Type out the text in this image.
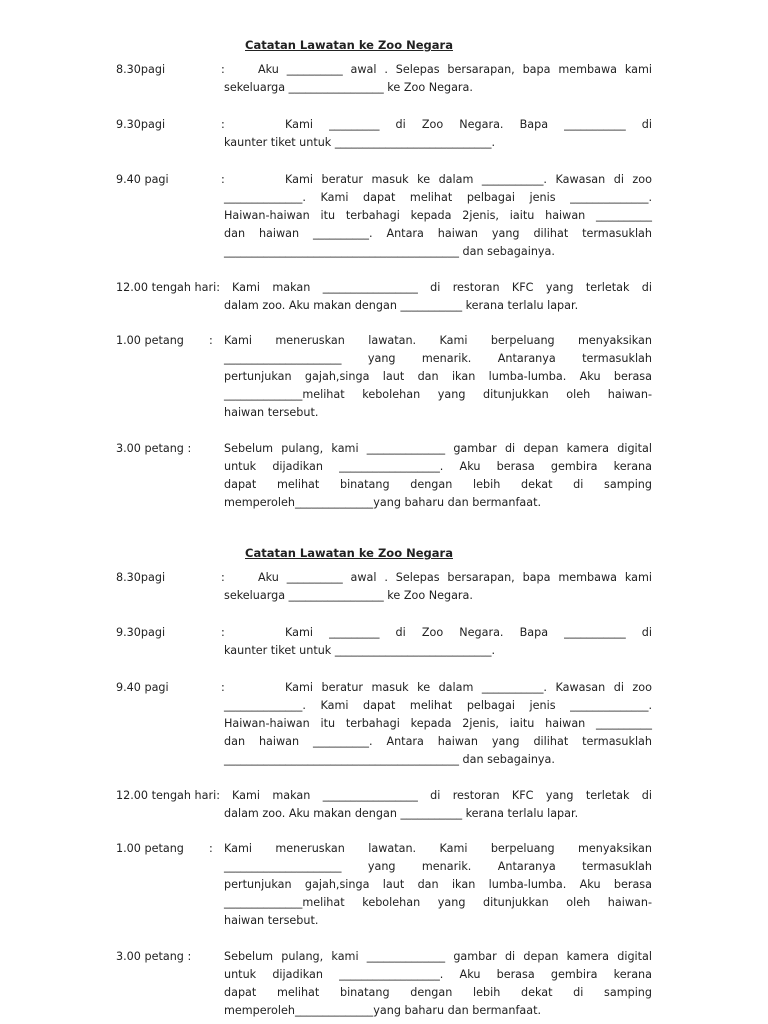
Catatan Lawatan ke Zoo Negara
8.30pagi	:	Aku __________ awal . Selepas bersarapan, bapa membawa kami
sekeluarga _________________ ke Zoo Negara.
9.30pagi	:	Kami _________ di Zoo Negara. Bapa ___________ di
kaunter tiket untuk ____________________________.
9.40 pagi	:	Kami beratur masuk ke dalam ___________. Kawasan di zoo
______________. Kami dapat melihat pelbagai jenis ______________.
Haiwan-haiwan itu terbahagi kepada 2jenis, iaitu haiwan __________
dan haiwan __________. Antara haiwan yang dilihat termasuklah
__________________________________________ dan sebagainya.
12.00 tengah hari: Kami makan _________________ di restoran KFC yang terletak di
dalam zoo. Aku makan dengan ___________ kerana terlalu lapar.
1.00 petang : Kami meneruskan lawatan. Kami berpeluang menyaksikan
_____________________ yang menarik. Antaranya termasuklah
pertunjukan gajah,singa laut dan ikan lumba-lumba. Aku berasa
______________melihat kebolehan yang ditunjukkan oleh haiwan-
haiwan tersebut.
3.00 petang :	Sebelum pulang, kami ______________ gambar di depan kamera digital
untuk dijadikan __________________. Aku berasa gembira kerana
dapat melihat binatang dengan lebih dekat di samping
memperoleh______________yang baharu dan bermanfaat.
Catatan Lawatan ke Zoo Negara
8.30pagi	:	Aku __________ awal . Selepas bersarapan, bapa membawa kami
sekeluarga _________________ ke Zoo Negara.
9.30pagi	:	Kami _________ di Zoo Negara. Bapa ___________ di
kaunter tiket untuk ____________________________.
9.40 pagi	:	Kami beratur masuk ke dalam ___________. Kawasan di zoo
______________. Kami dapat melihat pelbagai jenis ______________.
Haiwan-haiwan itu terbahagi kepada 2jenis, iaitu haiwan __________
dan haiwan __________. Antara haiwan yang dilihat termasuklah
__________________________________________ dan sebagainya.
12.00 tengah hari: Kami makan _________________ di restoran KFC yang terletak di
dalam zoo. Aku makan dengan ___________ kerana terlalu lapar.
1.00 petang : Kami meneruskan lawatan. Kami berpeluang menyaksikan
_____________________ yang menarik. Antaranya termasuklah
pertunjukan gajah,singa laut dan ikan lumba-lumba. Aku berasa
______________melihat kebolehan yang ditunjukkan oleh haiwan-
haiwan tersebut.
3.00 petang :	Sebelum pulang, kami ______________ gambar di depan kamera digital
untuk dijadikan __________________. Aku berasa gembira kerana
dapat melihat binatang dengan lebih dekat di samping
memperoleh______________yang baharu dan bermanfaat.
